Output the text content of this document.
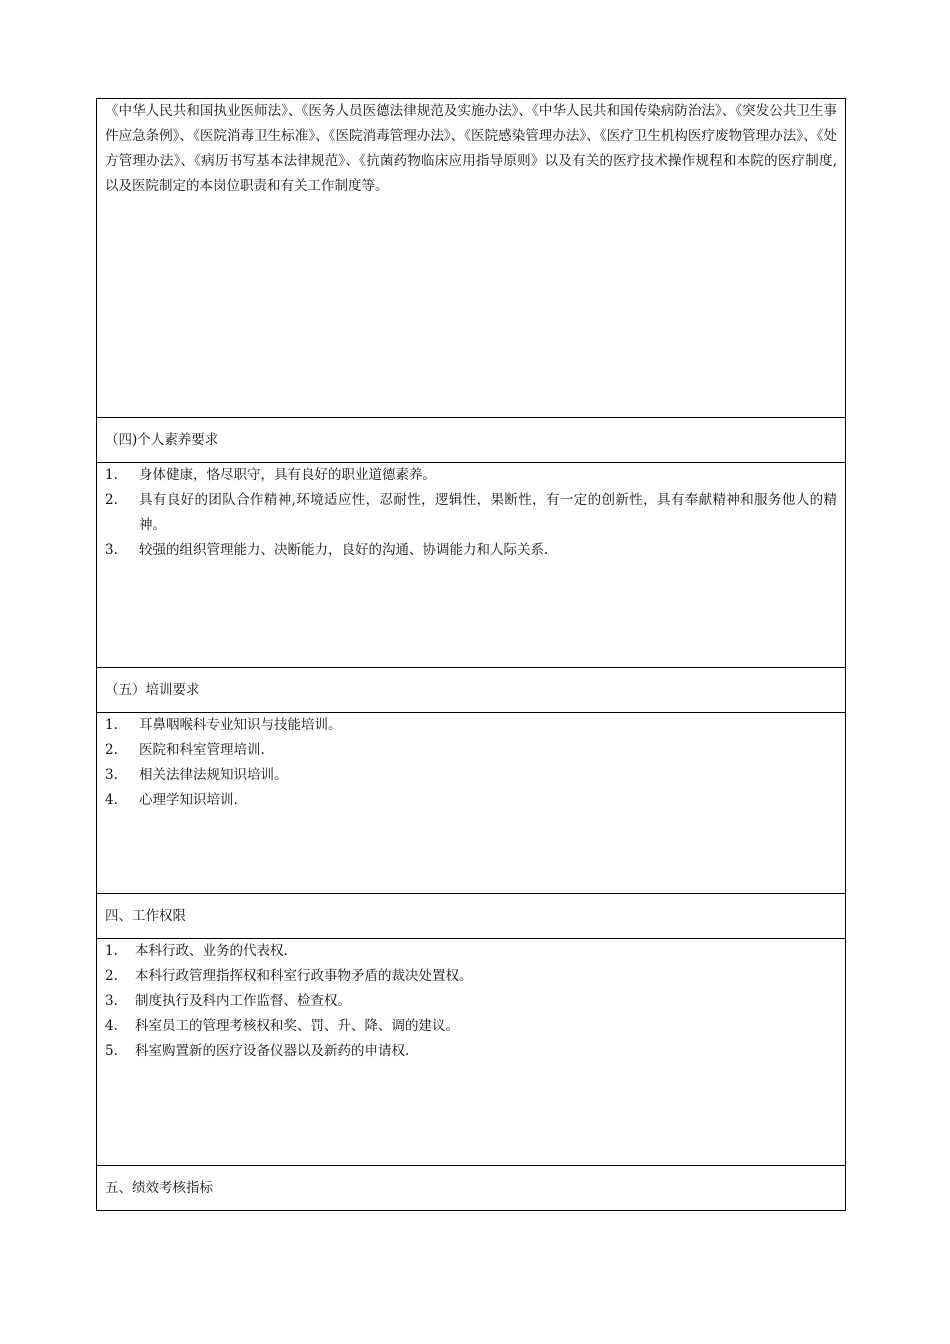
《中华人民共和国执业医师法》、《医务人员医德法律规范及实施办法》、《中华人民共和国传染病防治法》、《突发公共卫生事件应急条例》、《医院消毒卫生标准》、《医院消毒管理办法》、《医院感染管理办法》、《医疗卫生机构医疗废物管理办法》、《处方管理办法》、《病历书写基本法律规范》、《抗菌药物临床应用指导原则》以及有关的医疗技术操作规程和本院的医疗制度,以及医院制定的本岗位职责和有关工作制度等。

（四)个人素养要求
1.	身体健康，恪尽职守，具有良好的职业道德素养。
2.	具有良好的团队合作精神,环境适应性，忍耐性，逻辑性，果断性，有一定的创新性，具有奉献精神和服务他人的精神。
3.	较强的组织管理能力、决断能力，良好的沟通、协调能力和人际关系.
（五）培训要求
1.	耳鼻咽喉科专业知识与技能培训。
2.	医院和科室管理培训.
3.	相关法律法规知识培训。
4.	心理学知识培训.
四、工作权限
1.	本科行政、业务的代表权.
2.	本科行政管理指挥权和科室行政事物矛盾的裁决处置权。
3.	制度执行及科内工作监督、检查权。
4.	科室员工的管理考核权和奖、罚、升、降、调的建议。
5.	科室购置新的医疗设备仪器以及新药的申请权.
五、绩效考核指标
